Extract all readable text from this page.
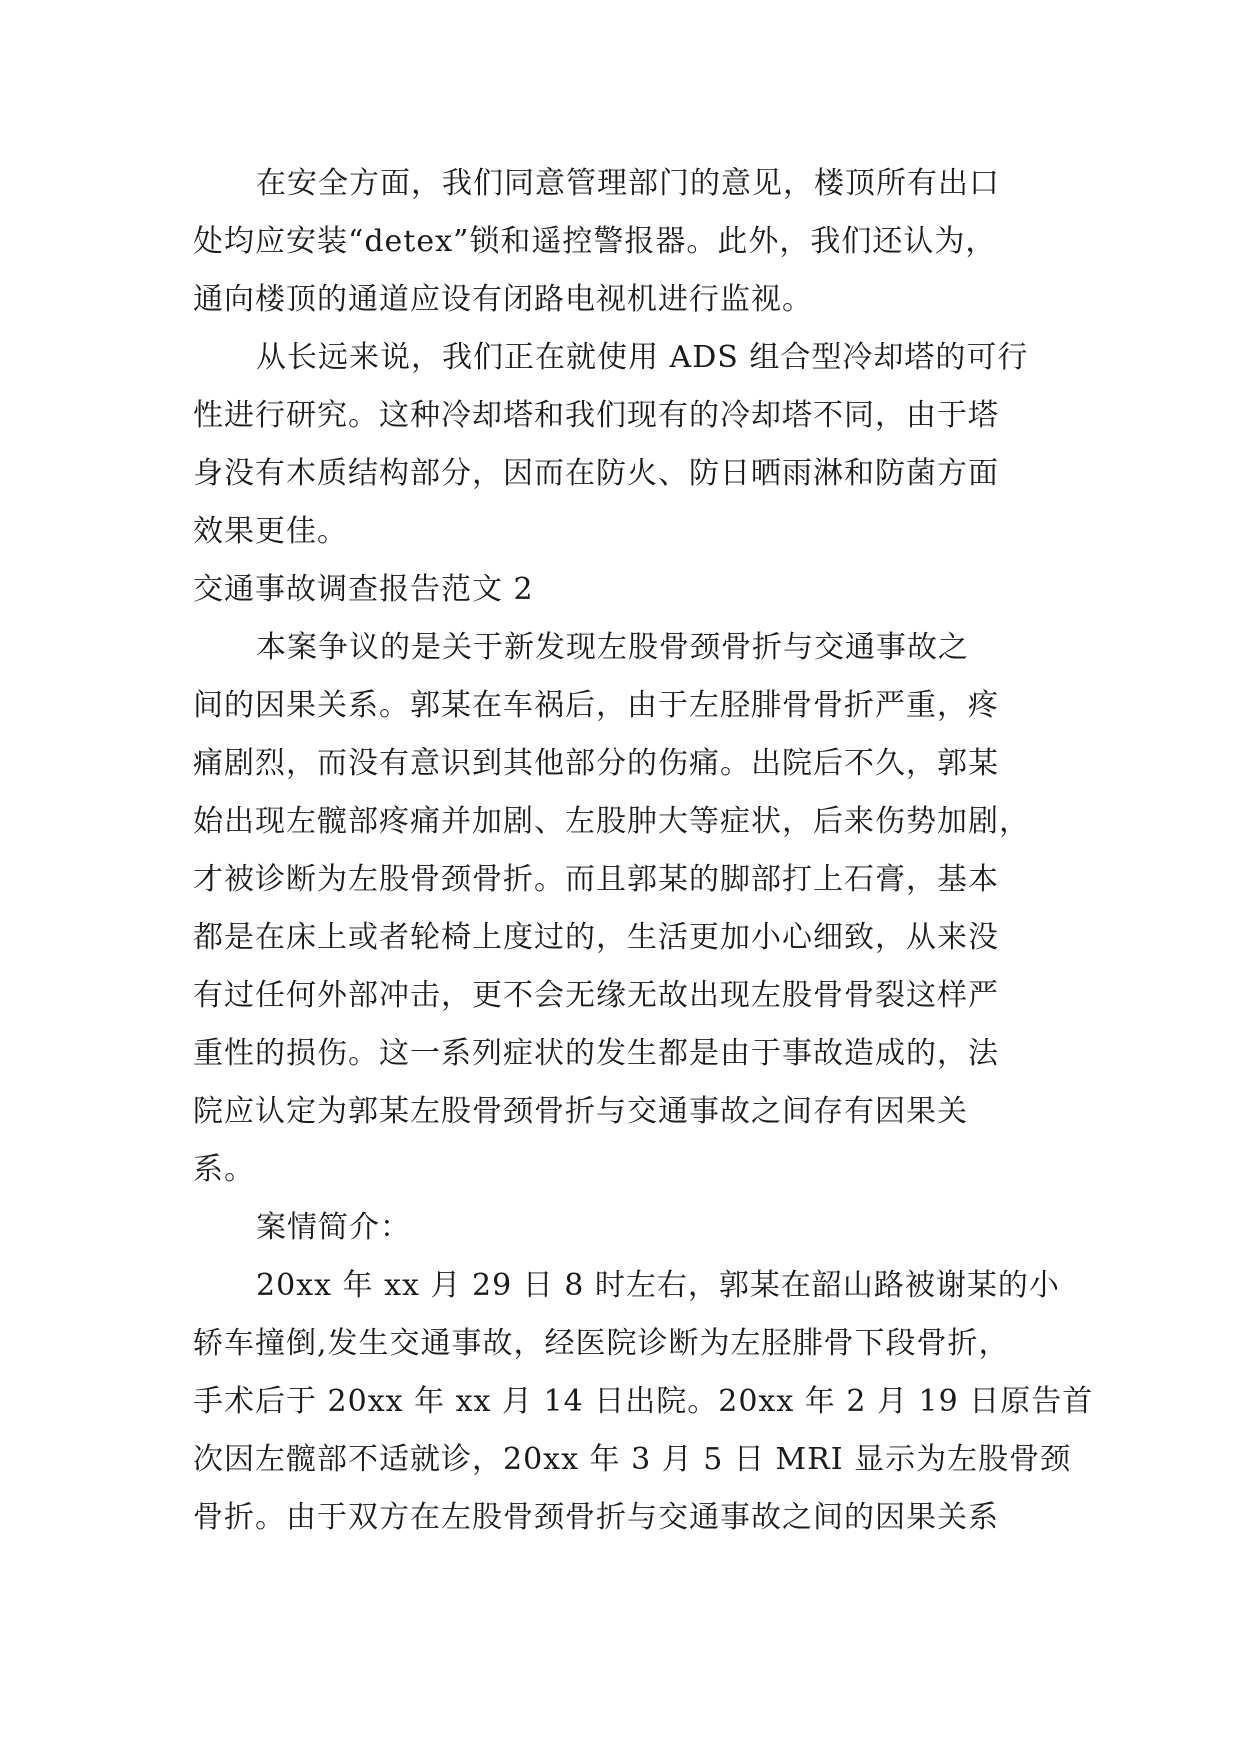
在安全方面，我们同意管理部门的意见，楼顶所有出口
处均应安装“detex”锁和遥控警报器。此外，我们还认为，
通向楼顶的通道应设有闭路电视机进行监视。
从长远来说，我们正在就使用 ADS 组合型冷却塔的可行
性进行研究。这种冷却塔和我们现有的冷却塔不同，由于塔
身没有木质结构部分，因而在防火、防日晒雨淋和防菌方面
效果更佳。
交通事故调查报告范文 2
本案争议的是关于新发现左股骨颈骨折与交通事故之
间的因果关系。郭某在车祸后，由于左胫腓骨骨折严重，疼
痛剧烈，而没有意识到其他部分的伤痛。出院后不久，郭某
始出现左髋部疼痛并加剧、左股肿大等症状，后来伤势加剧，
才被诊断为左股骨颈骨折。而且郭某的脚部打上石膏，基本
都是在床上或者轮椅上度过的，生活更加小心细致，从来没
有过任何外部冲击，更不会无缘无故出现左股骨骨裂这样严
重性的损伤。这一系列症状的发生都是由于事故造成的，法
院应认定为郭某左股骨颈骨折与交通事故之间存有因果关
系。
案情简介：
20xx 年 xx 月 29 日 8 时左右，郭某在韶山路被谢某的小
轿车撞倒,发生交通事故，经医院诊断为左胫腓骨下段骨折，
手术后于 20xx 年 xx 月 14 日出院。20xx 年 2 月 19 日原告首
次因左髋部不适就诊，20xx 年 3 月 5 日 MRI 显示为左股骨颈
骨折。由于双方在左股骨颈骨折与交通事故之间的因果关系
